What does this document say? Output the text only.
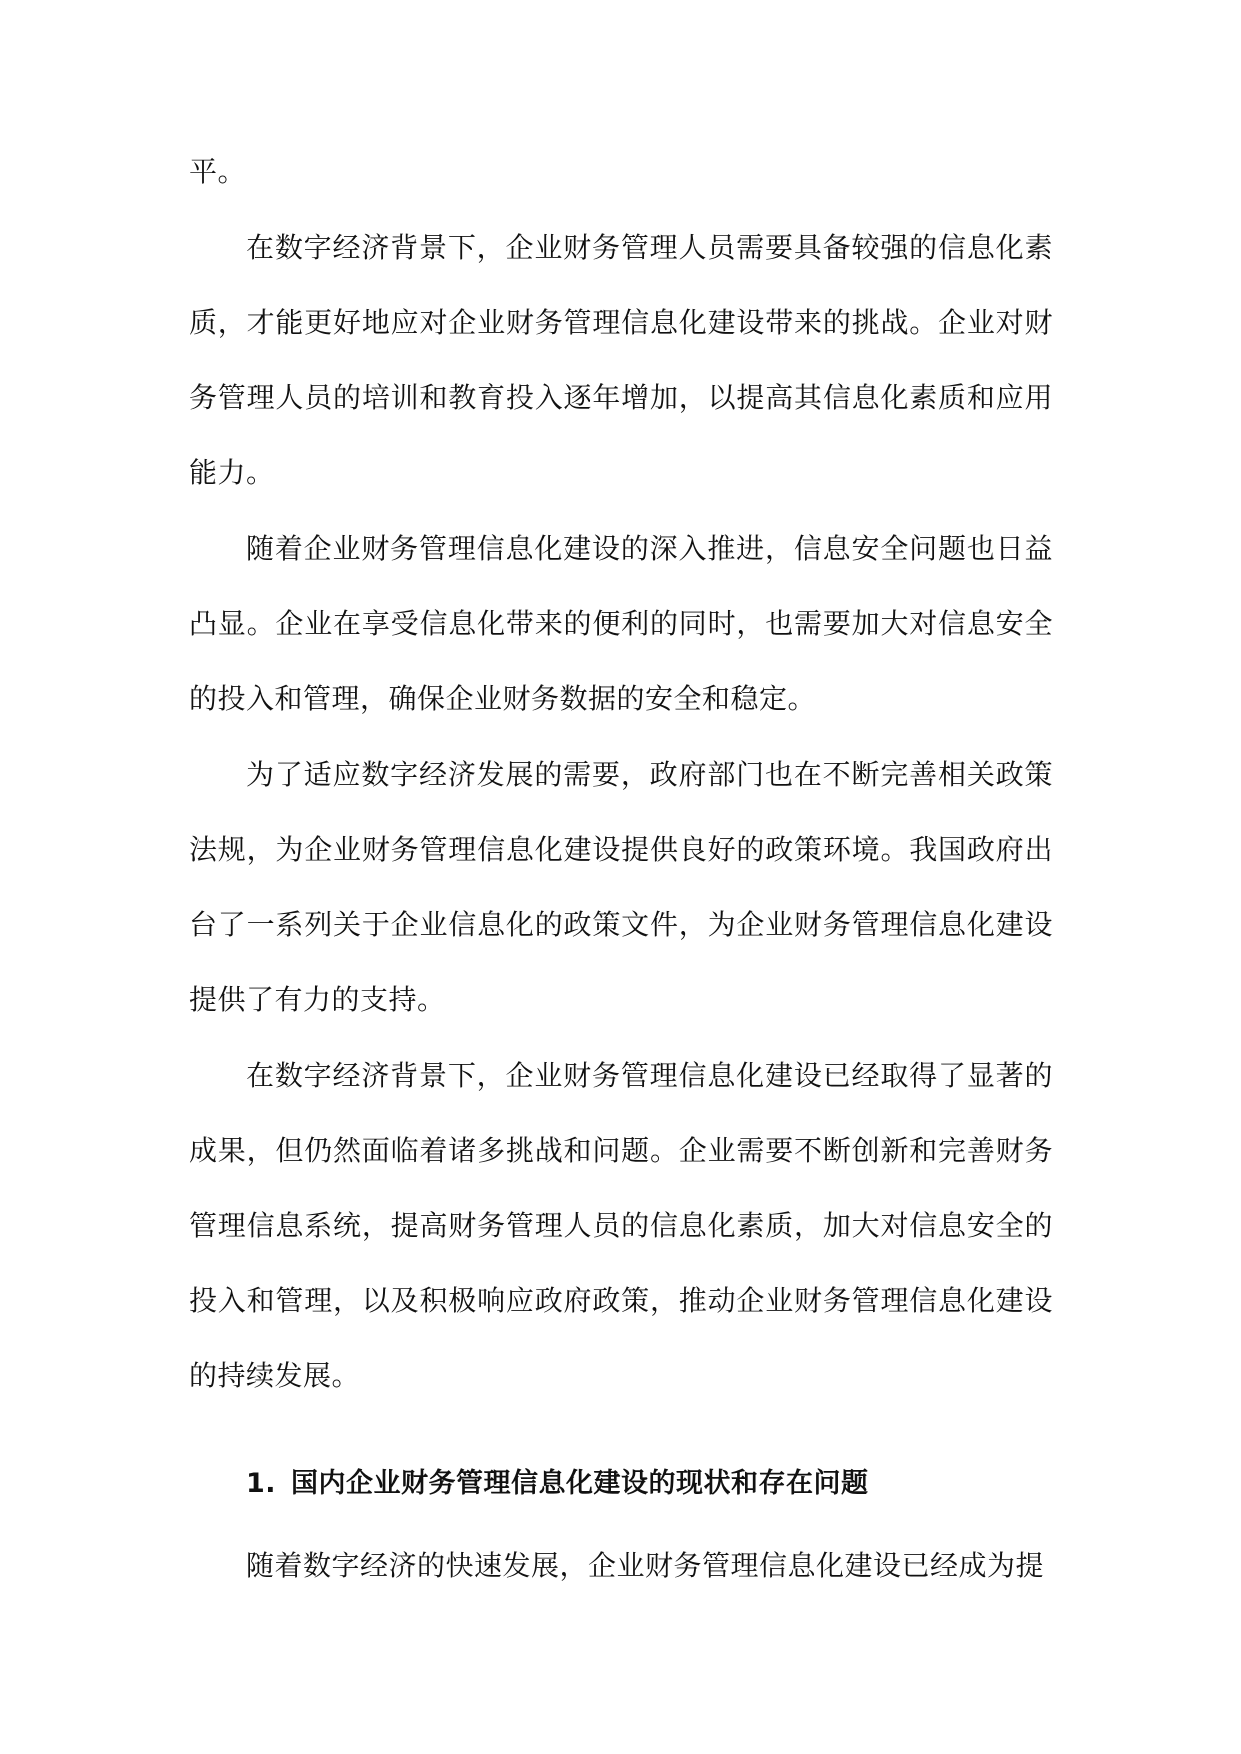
平。

在数字经济背景下，企业财务管理人员需要具备较强的信息化素质，才能更好地应对企业财务管理信息化建设带来的挑战。企业对财务管理人员的培训和教育投入逐年增加，以提高其信息化素质和应用能力。

随着企业财务管理信息化建设的深入推进，信息安全问题也日益凸显。企业在享受信息化带来的便利的同时，也需要加大对信息安全的投入和管理，确保企业财务数据的安全和稳定。

为了适应数字经济发展的需要，政府部门也在不断完善相关政策法规，为企业财务管理信息化建设提供良好的政策环境。我国政府出台了一系列关于企业信息化的政策文件，为企业财务管理信息化建设提供了有力的支持。

在数字经济背景下，企业财务管理信息化建设已经取得了显著的成果，但仍然面临着诸多挑战和问题。企业需要不断创新和完善财务管理信息系统，提高财务管理人员的信息化素质，加大对信息安全的投入和管理，以及积极响应政府政策，推动企业财务管理信息化建设的持续发展。

1. 国内企业财务管理信息化建设的现状和存在问题

随着数字经济的快速发展，企业财务管理信息化建设已经成为提
